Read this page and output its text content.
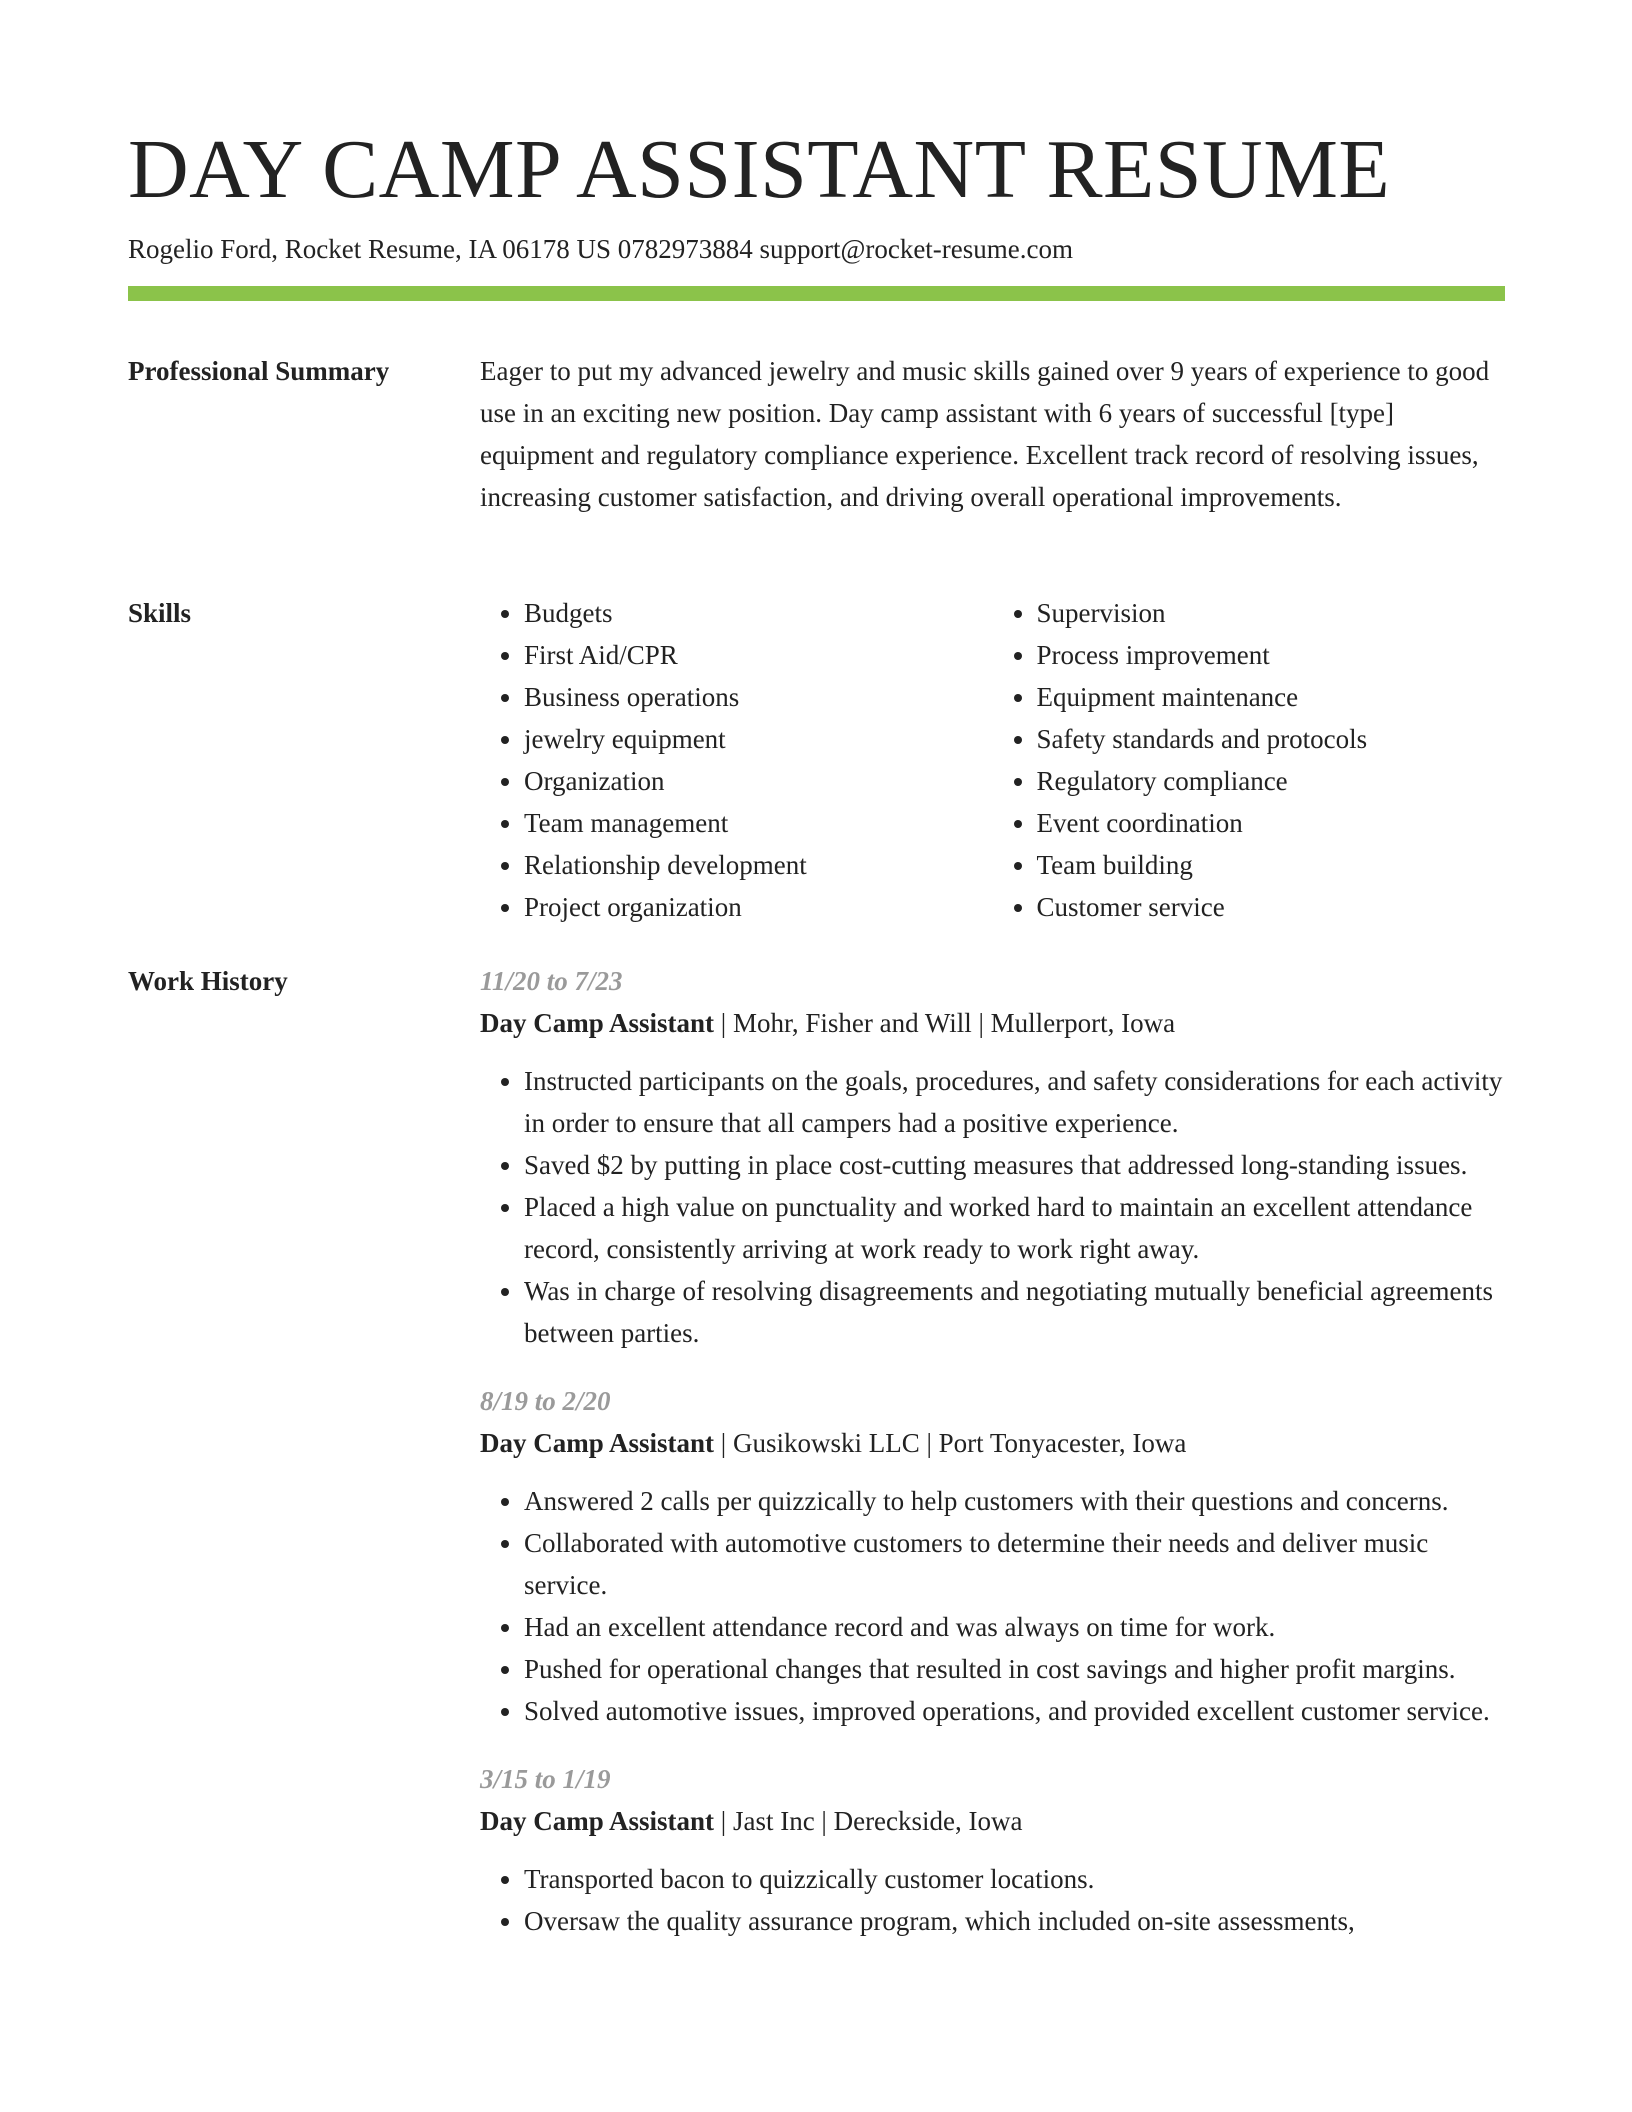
DAY CAMP ASSISTANT RESUME
Rogelio Ford, Rocket Resume, IA 06178 US 0782973884 support@rocket-resume.com
Professional Summary	Eager to put my advanced jewelry and music skills gained over 9 years of experience to good use in an exciting new position. Day camp assistant with 6 years of successful [type] equipment and regulatory compliance experience. Excellent track record of resolving issues, increasing customer satisfaction, and driving overall operational improvements.

Skills
•	Budgets
• First Aid/CPR
• Business operations
• jewelry equipment
• Organization
• Team management
• Relationship development
• Project organization
• Supervision
• Process improvement
• Equipment maintenance
• Safety standards and protocols
• Regulatory compliance
• Event coordination
• Team building
• Customer service
Work History	11/20 to 7/23
Day Camp Assistant | Mohr, Fisher and Will | Mullerport, Iowa
• Instructed participants on the goals, procedures, and safety considerations for each activity in order to ensure that all campers had a positive experience.
• Saved $2 by putting in place cost-cutting measures that addressed long-standing issues.
• Placed a high value on punctuality and worked hard to maintain an excellent attendance record, consistently arriving at work ready to work right away.
• Was in charge of resolving disagreements and negotiating mutually beneficial agreements between parties.
8/19 to 2/20
Day Camp Assistant | Gusikowski LLC | Port Tonyacester, Iowa
• Answered 2 calls per quizzically to help customers with their questions and concerns.
• Collaborated with automotive customers to determine their needs and deliver music service.
• Had an excellent attendance record and was always on time for work.
• Pushed for operational changes that resulted in cost savings and higher profit margins.
• Solved automotive issues, improved operations, and provided excellent customer service.
3/15 to 1/19
Day Camp Assistant | Jast Inc | Dereckside, Iowa
• Transported bacon to quizzically customer locations.
• Oversaw the quality assurance program, which included on-site assessments,
